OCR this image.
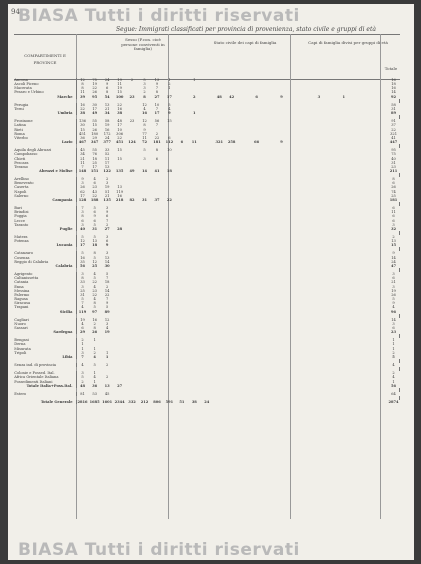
BIASA Tutti i diritti riservati
94
Segue: Immigrati classificati per provincia di provenienza, stato civile e gruppi di età
BIASA Tutti i diritti riservati
COMPARTIMENTI E PROVINCE
Sesso (P.con. cioè persone conviventi in famiglia)
Stato civile dei capi di famiglia	Capi di famiglia divisi per gruppi di età
Totale
Ancona	12	75	24	19	2	5	13	1		1																16
Ascoli Piceno	8	19	9	11		3	9	2																		18
Macerata	8	22	6	19		3	7	1																		16
Pesaro e Urbino	11	26	8	15		2	8																			14
Marche	39	95	54	100	23	8	27	17		2		48	42		6		9			3		1				92

Perugia	16	30	13	22		12	10	5																		58
Terni	22	17	21	16		4	7	4																		31
Umbria	38	49	34	38		16	17	9		1																89

Frosinone	136	55	58	48	23	12	56	15																		91
Latina	30	15	19	17		8	7																			37
Rieti	15	26	16	10		9																				22
Roma	451	180	172	306		77	2																			321
Viterbo	36	29	24	22		11	22	6																		41
Lazio	467	347	377	451	124	72	181	112	6	11		321	258		66		9									447

Aquila degli Abruzzi	45	55	33	15		5	8	10																		95
Campobasso	34	76	52																							75
Chieti	21	18	11	15		3	6																			40
Pescara	11	25	17																							31
Teramo	7	17	13																							23
Abruzzi e Molise	148	151	122	135	49	14	41	18																		211

Avellino	9	4	2																							8
Benevento	3	6	3																							6
Caserta	26	23	19	13																						26
Napoli	62	43	51	119																						74
Salerno	17	22	21	16																						25
Campania	128	188	135	218	82	31	37	22																		181

Bari	7	5	3																							6
Brindisi	3	6	9																							11
Foggia	8	9	6																							6
Lecce	6	6	7																							6
Taranto	3	5	2																							3
Puglie	40	31	27	28																						32

Matera	5	5	3																							2
Potenza	12	13	6																							13
Lucania	17	18	9																							15

Catanzaro	5	8	3																							9
Cosenza	16	5	13																							14
Reggio di Calabria	35	12	14																							24
Calabria	56	25	30																							47

Agrigento	3	4	5																							3
Caltanissetta	8	5	7																							6
Catania	33	22	18																							21
Enna	3	4	2																							3
Messina	25	23	14																							19
Palermo	31	22	22																							26
Ragusa	5	4	7																							5
Siracusa	7	8	9																							9
Trapani	4	5	5																							4
Sicilia	119	97	89																							96

Cagliari	19	16	12																							14
Nuoro	4	2	3																							3
Sassari	6	8	4																							6
Sardegna	29	26	19																							23

Bengasi	2	1																								1
Derna	1																									1
Misurata	1	1																								1
Tripoli	3	2	1																							2
Libia	7	4	1																							5

Senza ind. di provincia	4	5	2																							4

Colonie e Possed. Ital.	3	1																								2
Africa Orientale Italiana	5	4	2																							4
Possedimenti Italiani	2	1																								1
Totale Italia+Poss.Ital.	48	36	13	27																						56

Estero	81	53	45																							64

Totale Generale	2816	1685	1601	2344	332	212	806	591	51	38	24															2874
